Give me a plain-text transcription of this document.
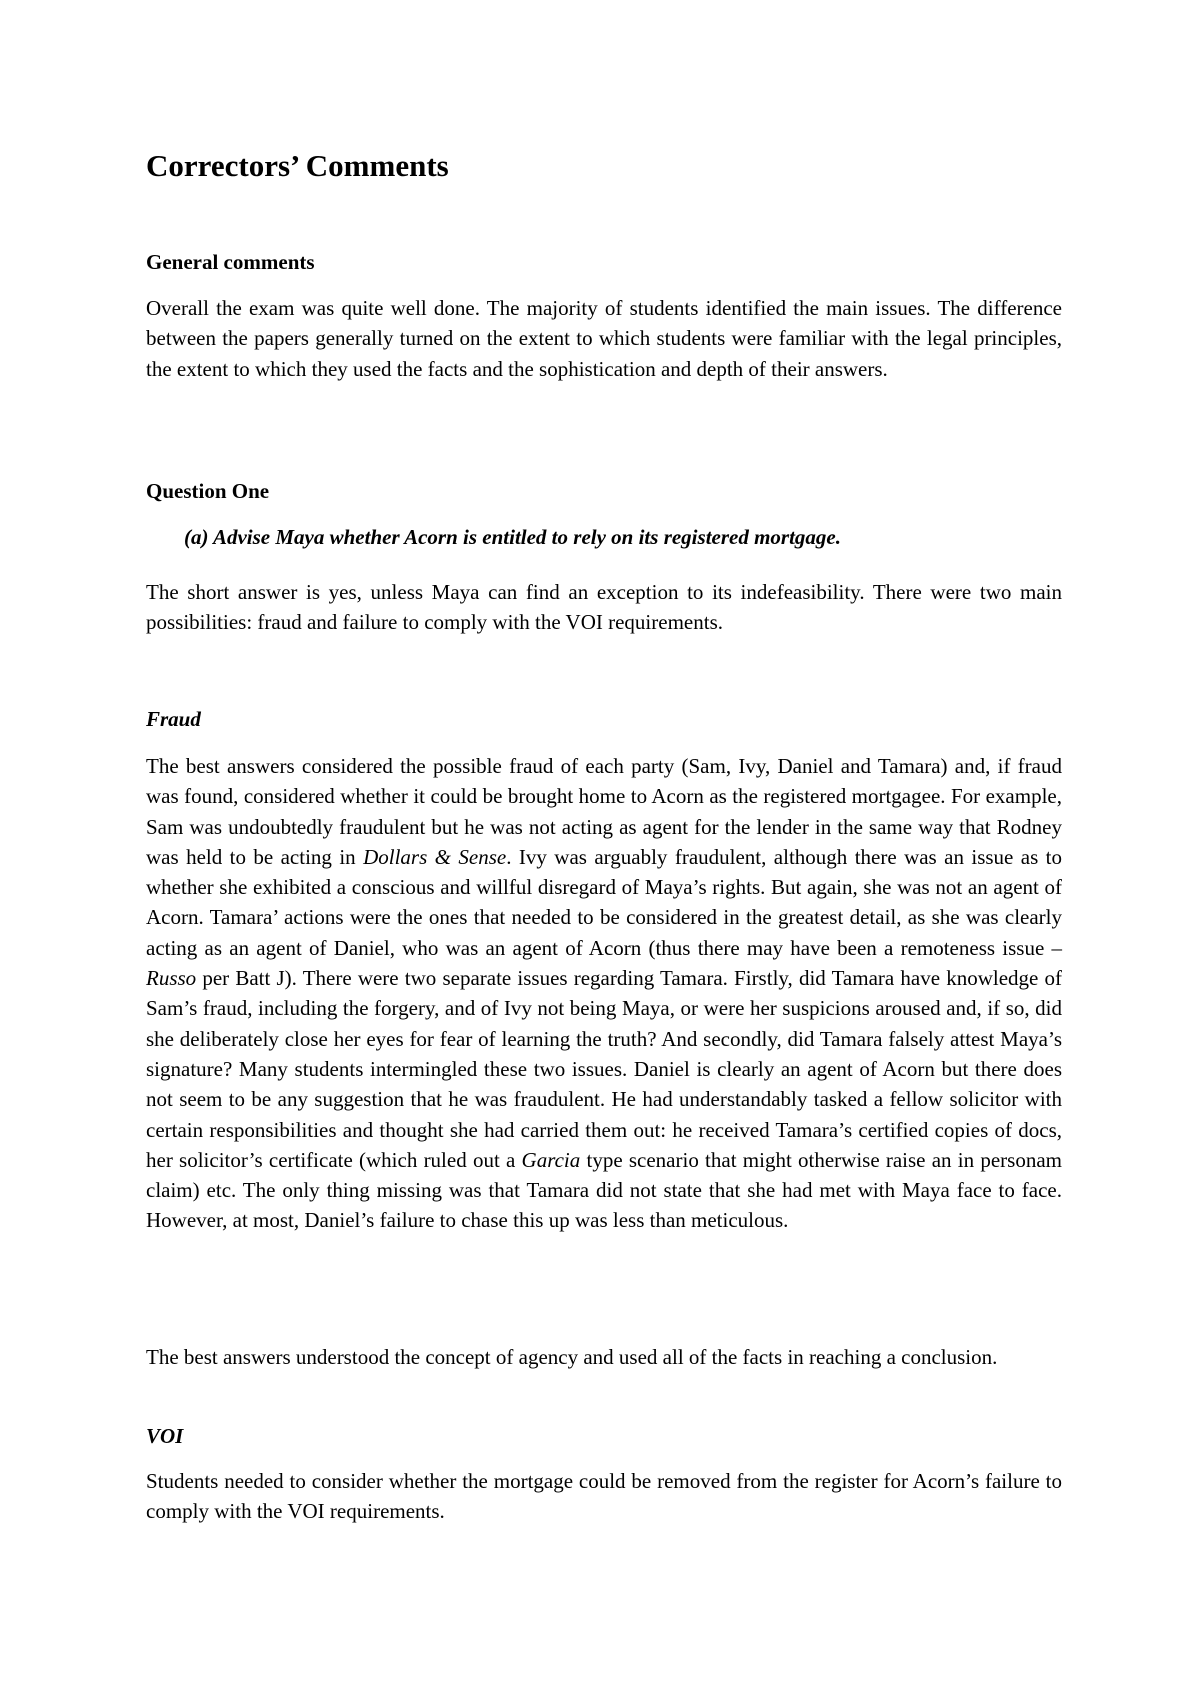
Correctors’ Comments
General comments

Overall the exam was quite well done. The majority of students identified the main issues. The difference between the papers generally turned on the extent to which students were familiar with the legal principles, the extent to which they used the facts and the sophistication and depth of their answers.

Question One
(a) Advise Maya whether Acorn is entitled to rely on its registered mortgage.

The short answer is yes, unless Maya can find an exception to its indefeasibility. There were two main possibilities: fraud and failure to comply with the VOI requirements.

Fraud

The best answers considered the possible fraud of each party (Sam, Ivy, Daniel and Tamara) and, if fraud was found, considered whether it could be brought home to Acorn as the registered mortgagee. For example, Sam was undoubtedly fraudulent but he was not acting as agent for the lender in the same way that Rodney was held to be acting in Dollars & Sense. Ivy was arguably fraudulent, although there was an issue as to whether she exhibited a conscious and willful disregard of Maya’s rights. But again, she was not an agent of Acorn. Tamara’ actions were the ones that needed to be considered in the greatest detail, as she was clearly acting as an agent of Daniel, who was an agent of Acorn (thus there may have been a remoteness issue – Russo per Batt J). There were two separate issues regarding Tamara. Firstly, did Tamara have knowledge of Sam’s fraud, including the forgery, and of Ivy not being Maya, or were her suspicions aroused and, if so, did she deliberately close her eyes for fear of learning the truth? And secondly, did Tamara falsely attest Maya’s signature? Many students intermingled these two issues. Daniel is clearly an agent of Acorn but there does not seem to be any suggestion that he was fraudulent. He had understandably tasked a fellow solicitor with certain responsibilities and thought she had carried them out: he received Tamara’s certified copies of docs, her solicitor’s certificate (which ruled out a Garcia type scenario that might otherwise raise an in personam claim) etc. The only thing missing was that Tamara did not state that she had met with Maya face to face. However, at most, Daniel’s failure to chase this up was less than meticulous.

The best answers understood the concept of agency and used all of the facts in reaching a conclusion.

VOI

Students needed to consider whether the mortgage could be removed from the register for Acorn’s failure to comply with the VOI requirements.
